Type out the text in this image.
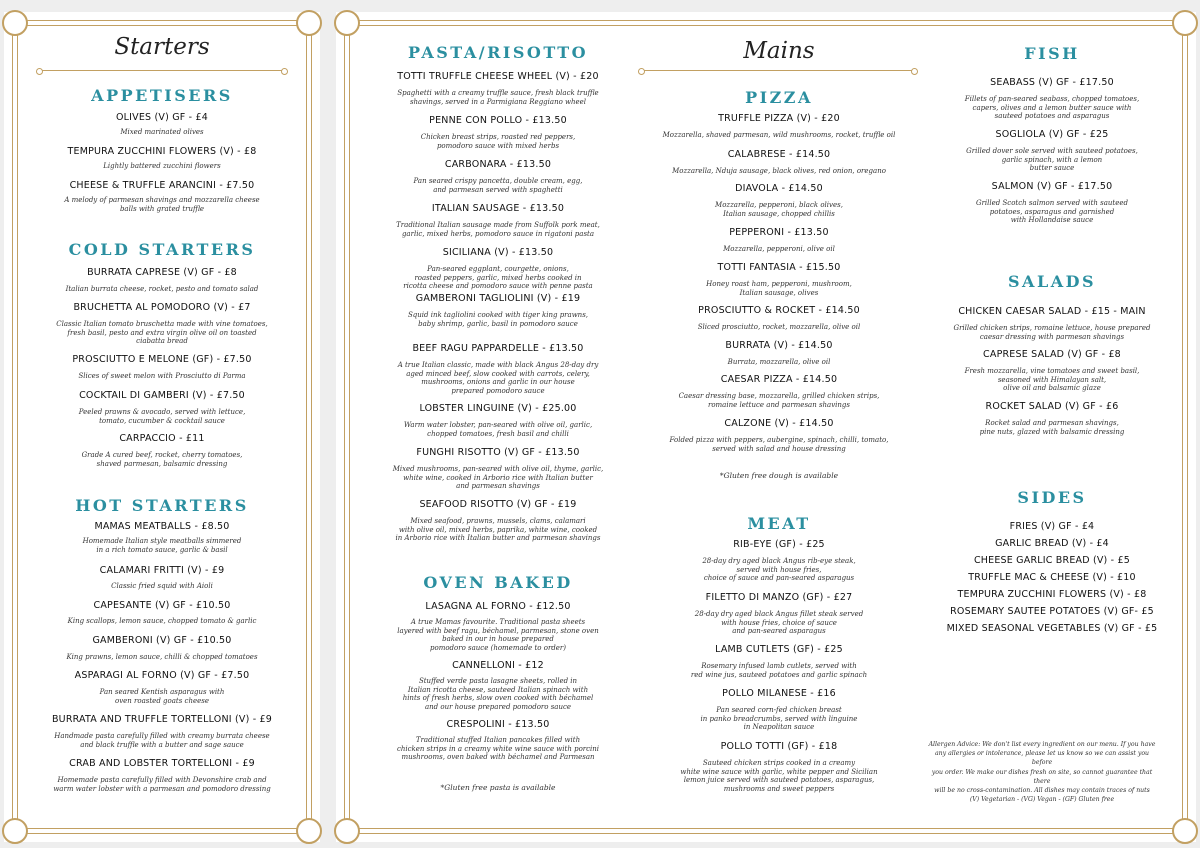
Starters
APPETISERS
OLIVES (V) GF - £4
Mixed marinated olives
TEMPURA ZUCCHINI FLOWERS (V) - £8
Lightly battered zucchini flowers
CHEESE & TRUFFLE ARANCINI - £7.50
A melody of parmesan shavings and mozzarella cheese
balls with grated truffle
COLD STARTERS
BURRATA CAPRESE (V) GF - £8
Italian burrata cheese, rocket, pesto and tomato salad
BRUCHETTA AL POMODORO (V) - £7
Classic Italian tomato bruschetta made with vine tomatoes,
fresh basil, pesto and extra virgin olive oil on toasted
ciabatta bread
PROSCIUTTO E MELONE (GF) - £7.50
Slices of sweet melon with Prosciutto di Parma
COCKTAIL DI GAMBERI (V) - £7.50
Peeled prawns & avocado, served with lettuce,
tomato, cucumber & cocktail sauce
CARPACCIO - £11
Grade A cured beef, rocket, cherry tomatoes,
shaved parmesan, balsamic dressing
HOT STARTERS
MAMAS MEATBALLS - £8.50
Homemade Italian style meatballs simmered
in a rich tomato sauce, garlic & basil
CALAMARI FRITTI (V) - £9
Classic fried squid with Aioli
CAPESANTE (V) GF - £10.50
King scallops, lemon sauce, chopped tomato & garlic
GAMBERONI (V) GF - £10.50
King prawns, lemon sauce, chilli & chopped tomatoes
ASPARAGI AL FORNO (V) GF - £7.50
Pan seared Kentish asparagus with
oven roasted goats cheese
BURRATA AND TRUFFLE TORTELLONI (V) - £9
Handmade pasta carefully filled with creamy burrata cheese
and black truffle with a butter and sage sauce
CRAB AND LOBSTER TORTELLONI - £9
Homemade pasta carefully filled with Devonshire crab and
warm water lobster with a parmesan and pomodoro dressing
PASTA/RISOTTO
TOTTI TRUFFLE CHEESE WHEEL (V) - £20
Spaghetti with a creamy truffle sauce, fresh black truffle
shavings, served in a Parmigiana Reggiano wheel
PENNE CON POLLO - £13.50
Chicken breast strips, roasted red peppers,
pomodoro sauce with mixed herbs
CARBONARA - £13.50
Pan seared crispy pancetta, double cream, egg,
and parmesan served with spaghetti
ITALIAN SAUSAGE - £13.50
Traditional Italian sausage made from Suffolk pork meat,
garlic, mixed herbs, pomodoro sauce in rigatoni pasta
SICILIANA (V) - £13.50
Pan-seared eggplant, courgette, onions,
roasted peppers, garlic, mixed herbs cooked in
ricotta cheese and pomodoro sauce with penne pasta
GAMBERONI TAGLIOLINI (V) - £19
Squid ink tagliolini cooked with tiger king prawns,
baby shrimp, garlic, basil in pomodoro sauce
BEEF RAGU PAPPARDELLE - £13.50
A true Italian classic, made with black Angus 28-day dry
aged minced beef, slow cooked with carrots, celery,
mushrooms, onions and garlic in our house
prepared pomodoro sauce
LOBSTER LINGUINE (V) - £25.00
Warm water lobster, pan-seared with olive oil, garlic,
chopped tomatoes, fresh basil and chilli
FUNGHI RISOTTO (V) GF - £13.50
Mixed mushrooms, pan-seared with olive oil, thyme, garlic,
white wine, cooked in Arborio rice with Italian butter
and parmesan shavings
SEAFOOD RISOTTO (V) GF - £19
Mixed seafood, prawns, mussels, clams, calamari
with olive oil, mixed herbs, paprika, white wine, cooked
in Arborio rice with Italian butter and parmesan shavings
OVEN BAKED
LASAGNA AL FORNO - £12.50
A true Mamas favourite. Traditional pasta sheets
layered with beef ragu, béchamel, parmesan, stone oven
baked in our in house prepared
pomodoro sauce (homemade to order)
CANNELLONI - £12
Stuffed verde pasta lasagne sheets, rolled in
Italian ricotta cheese, sauteed Italian spinach with
hints of fresh herbs, slow oven cooked with béchamel
and our house prepared pomodoro sauce
CRESPOLINI - £13.50
Traditional stuffed Italian pancakes filled with
chicken strips in a creamy white wine sauce with porcini
mushrooms, oven baked with béchamel and Parmesan
*Gluten free pasta is available
Mains
PIZZA
TRUFFLE PIZZA (V) - £20
Mozzarella, shaved parmesan, wild mushrooms, rocket, truffle oil
CALABRESE - £14.50
Mozzarella, Nduja sausage, black olives, red onion, oregano
DIAVOLA - £14.50
Mozzarella, pepperoni, black olives,
Italian sausage, chopped chillis
PEPPERONI - £13.50
Mozzarella, pepperoni, olive oil
TOTTI FANTASIA - £15.50
Honey roast ham, pepperoni, mushroom,
Italian sausage, olives
PROSCIUTTO & ROCKET - £14.50
Sliced prosciutto, rocket, mozzarella, olive oil
BURRATA (V) - £14.50
Burrata, mozzarella, olive oil
CAESAR PIZZA - £14.50
Caesar dressing base, mozzarella, grilled chicken strips,
romaine lettuce and parmesan shavings
CALZONE (V) - £14.50
Folded pizza with peppers, aubergine, spinach, chilli, tomato,
served with salad and house dressing
*Gluten free dough is available
MEAT
RIB-EYE (GF) - £25
28-day dry aged black Angus rib-eye steak,
served with house fries,
choice of sauce and pan-seared asparagus
FILETTO DI MANZO (GF) - £27
28-day dry aged black Angus fillet steak served
with house fries, choice of sauce
and pan-seared asparagus
LAMB CUTLETS (GF) - £25
Rosemary infused lamb cutlets, served with
red wine jus, sauteed potatoes and garlic spinach
POLLO MILANESE - £16
Pan seared corn-fed chicken breast
in panko breadcrumbs, served with linguine
in Neapolitan sauce
POLLO TOTTI (GF) - £18
Sauteed chicken strips cooked in a creamy
white wine sauce with garlic, white pepper and Sicilian
lemon juice served with sauteed potatoes, asparagus,
mushrooms and sweet peppers
FISH
SEABASS (V) GF - £17.50
Fillets of pan-seared seabass, chopped tomatoes,
capers, olives and a lemon butter sauce with
sauteed potatoes and asparagus
SOGLIOLA (V) GF - £25
Grilled dover sole served with sauteed potatoes,
garlic spinach, with a lemon
butter sauce
SALMON (V) GF - £17.50
Grilled Scotch salmon served with sauteed
potatoes, asparagus and garnished
with Hollandaise sauce
SALADS
CHICKEN CAESAR SALAD - £15 - MAIN
Grilled chicken strips, romaine lettuce, house prepared
caesar dressing with parmesan shavings
CAPRESE SALAD (V) GF - £8
Fresh mozzarella, vine tomatoes and sweet basil,
seasoned with Himalayan salt,
olive oil and balsamic glaze
ROCKET SALAD (V) GF - £6
Rocket salad and parmesan shavings,
pine nuts, glazed with balsamic dressing
SIDES
FRIES (V) GF - £4
GARLIC BREAD (V) - £4
CHEESE GARLIC BREAD (V) - £5
TRUFFLE MAC & CHEESE (V) - £10
TEMPURA ZUCCHINI FLOWERS (V) - £8
ROSEMARY SAUTEE POTATOES (V) GF- £5
MIXED SEASONAL VEGETABLES (V) GF - £5
Allergen Advice: We don't list every ingredient on our menu. If you have
any allergies or intolerance, please let us know so we can assist you before
you order. We make our dishes fresh on site, so cannot guarantee that there
will be no cross-contamination. All dishes may contain traces of nuts
(V) Vegetarian - (VG) Vegan - (GF) Gluten free
